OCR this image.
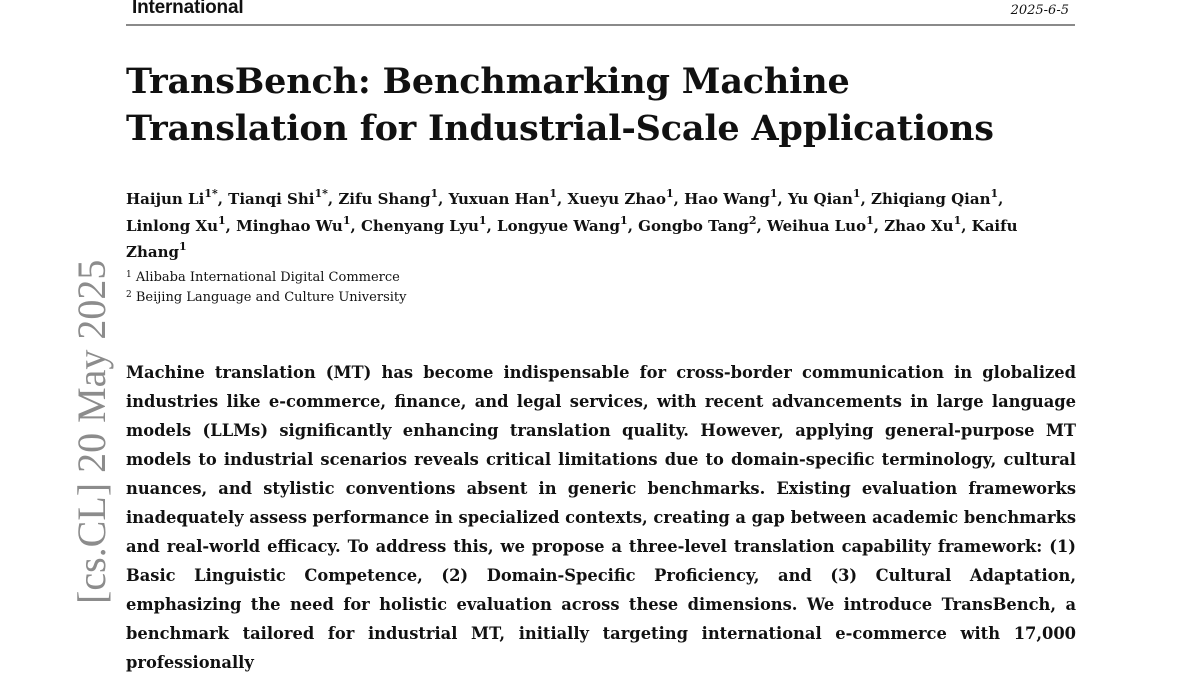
International	2025-6-5
TransBench: Benchmarking Machine
Translation for Industrial-Scale Applications
Haijun $Li^{1*}$, Tianqi Shi$^{1*}$, Zifu Shang$^1$, Yuxuan Han$^1$, Xueyu Zhao$^1$, Hao Wang$^1$, Yu Qian$^1$, Zhiqiang Qian$^1$, Linlong Xu$^1$, Minghao Wu$^1$, Chenyang Lyu$^1$, Longyue Wang$^1$, Gongbo Tang$^2$, Weihua Luo$^1$, Zhao Xu$^1$, Kaifu Zhang$^1$
$^1$ Alibaba International Digital Commerce
$^2$ Beijing Language and Culture University

Machine translation (MT) has become indispensable for cross-border communication in globalized industries like e-commerce, finance, and legal services, with recent advancements in large language models (LLMs) significantly enhancing translation quality. However, applying general-purpose MT models to industrial scenarios reveals critical limitations due to domain-specific terminology, cultural nuances, and stylistic conventions absent in generic benchmarks. Existing evaluation frameworks inadequately assess performance in specialized contexts, creating a gap between academic benchmarks and real-world efficacy. To address this, we propose a three-level translation capability framework: (1) Basic Linguistic Competence, (2) Domain-Specific Proficiency, and (3) Cultural Adaptation, emphasizing the need for holistic evaluation across these dimensions. We introduce TransBench, a benchmark tailored for industrial MT, initially targeting international e-commerce with 17,000 professionally

[cs.CL] 20 May 2025
